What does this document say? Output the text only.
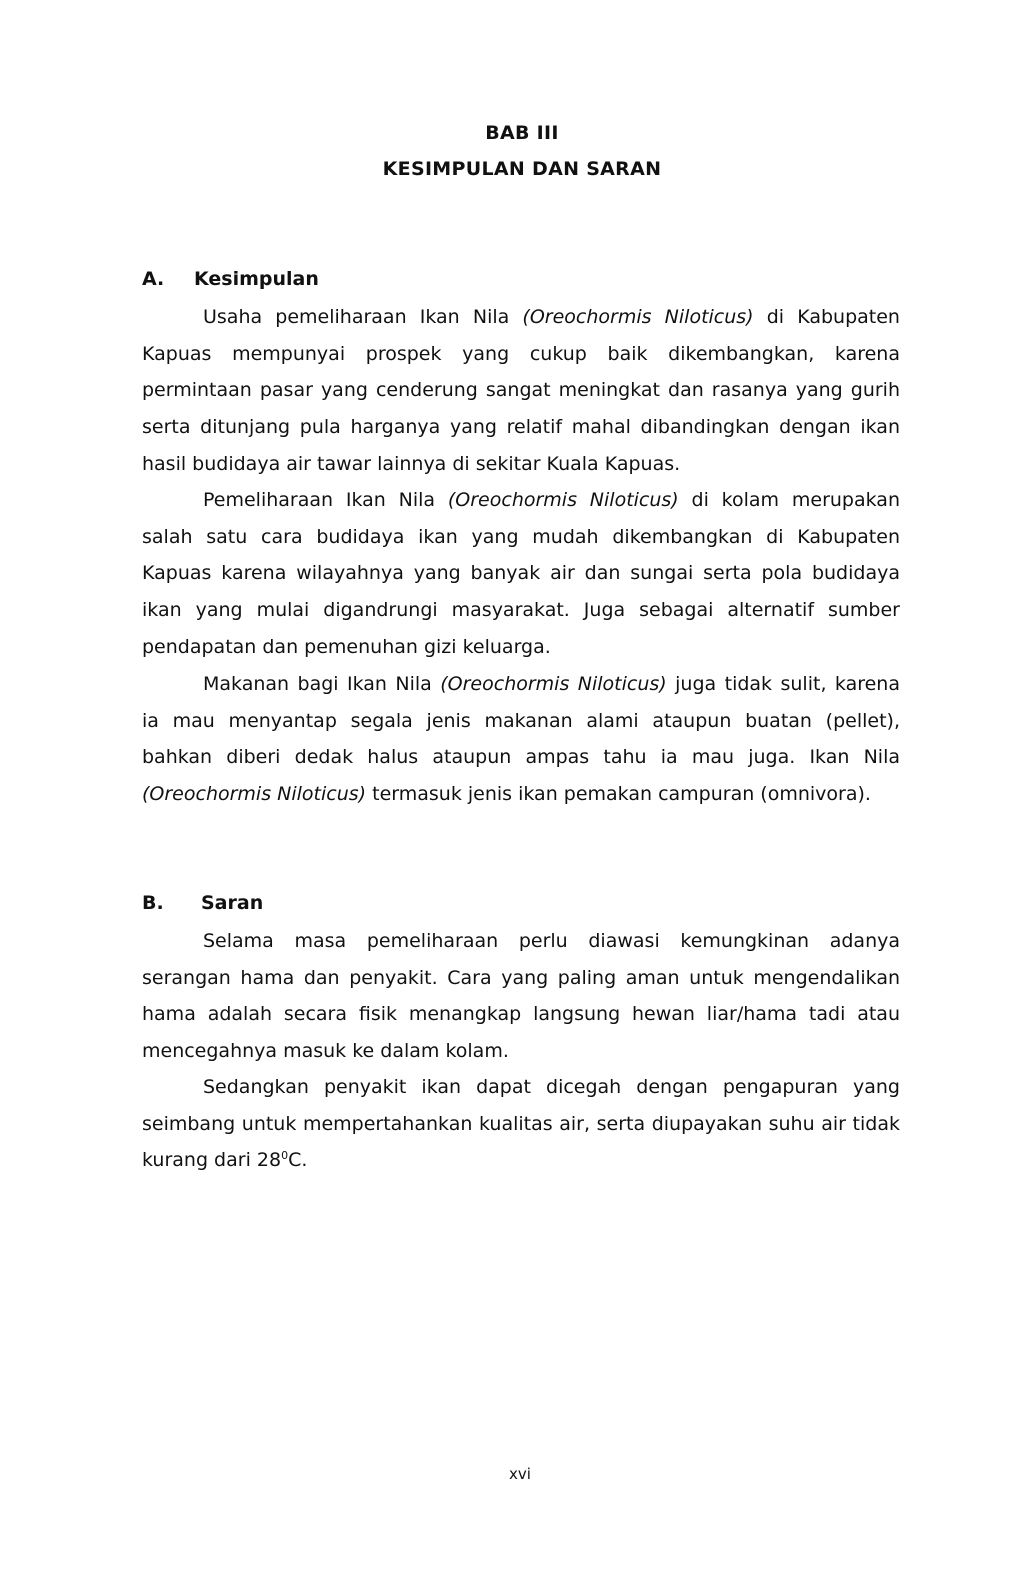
BAB III
KESIMPULAN DAN SARAN
A. Kesimpulan

Usaha pemeliharaan Ikan Nila (Oreochormis Niloticus) di Kabupaten Kapuas mempunyai prospek yang cukup baik dikembangkan, karena permintaan pasar yang cenderung sangat meningkat dan rasanya yang gurih serta ditunjang pula harganya yang relatif mahal dibandingkan dengan ikan hasil budidaya air tawar lainnya di sekitar Kuala Kapuas.

Pemeliharaan Ikan Nila (Oreochormis Niloticus) di kolam merupakan salah satu cara budidaya ikan yang mudah dikembangkan di Kabupaten Kapuas karena wilayahnya yang banyak air dan sungai serta pola budidaya ikan yang mulai digandrungi masyarakat. Juga sebagai alternatif sumber pendapatan dan pemenuhan gizi keluarga.

Makanan bagi Ikan Nila (Oreochormis Niloticus) juga tidak sulit, karena ia mau menyantap segala jenis makanan alami ataupun buatan (pellet), bahkan diberi dedak halus ataupun ampas tahu ia mau juga. Ikan Nila (Oreochormis Niloticus) termasuk jenis ikan pemakan campuran (omnivora).

B. Saran

Selama masa pemeliharaan perlu diawasi kemungkinan adanya serangan hama dan penyakit. Cara yang paling aman untuk mengendalikan hama adalah secara fisik menangkap langsung hewan liar/hama tadi atau mencegahnya masuk ke dalam kolam.

Sedangkan penyakit ikan dapat dicegah dengan pengapuran yang seimbang untuk mempertahankan kualitas air, serta diupayakan suhu air tidak kurang dari $28^0C$.

xvi
